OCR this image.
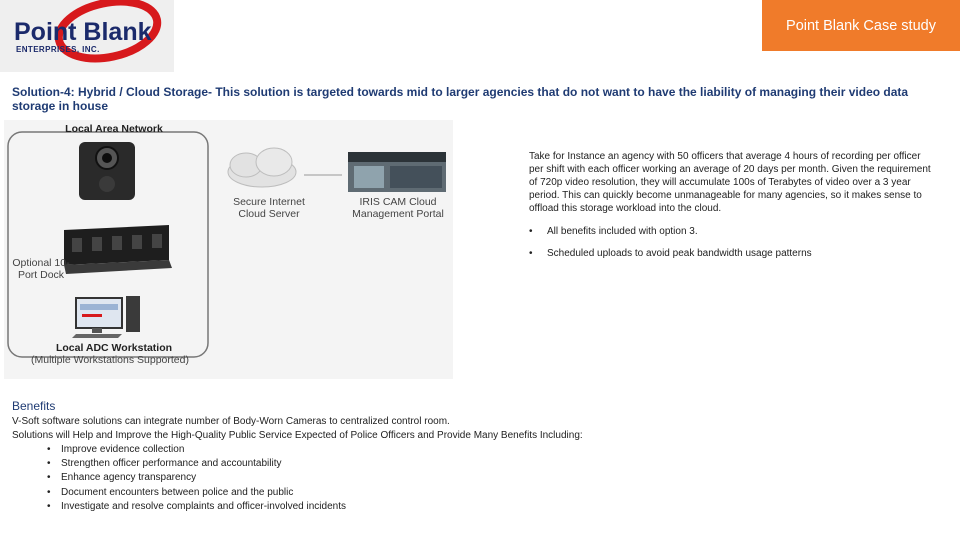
Point Blank
ENTERPRISES, INC.
Point Blank Case study
Solution-4: Hybrid / Cloud Storage- This solution is targeted towards mid to larger agencies that do not want to have the liability of managing their video data storage in house
Local Area Network
Secure Internet Cloud Server
IRIS CAM Cloud Management Portal
Optional 10-Port Dock
Local ADC Workstation
(Multiple Workstations Supported)
Take for Instance an agency with 50 officers that average 4 hours of recording per officer per shift with each officer working an average of 20 days per month. Given the requirement of 720p video resolution, they will accumulate 100s of Terabytes of video over a 3 year period. This can quickly become unmanageable for many agencies, so it makes sense to offload this storage workload into the cloud.
• All benefits included with option 3.
• Scheduled uploads to avoid peak bandwidth usage patterns
Benefits
V-Soft software solutions can integrate number of Body-Worn Cameras to centralized control room.
Solutions will Help and Improve the High-Quality Public Service Expected of Police Officers and Provide Many Benefits Including:
• Improve evidence collection
• Strengthen officer performance and accountability
• Enhance agency transparency
• Document encounters between police and the public
• Investigate and resolve complaints and officer-involved incidents
